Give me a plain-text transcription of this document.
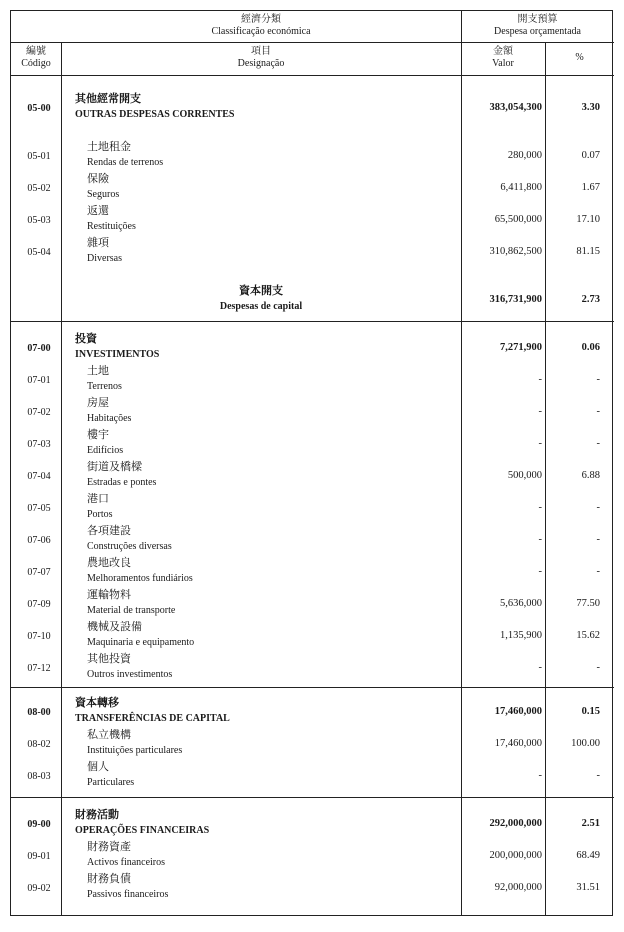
經濟分類
Classificação económica
開支預算
Despesa orçamentada
編號
Código
項目
Designação
金額
Valor
%
05-00
其他經常開支
OUTRAS DESPESAS CORRENTES
383,054,300	3.30
05-01
土地租金
Rendas de terrenos
280,000	0.07
05-02
保險
Seguros
6,411,800	1.67
05-03
返還
Restituições
65,500,000	17.10
05-04
雜項
Diversas
310,862,500	81.15
資本開支
Despesas de capital
316,731,900	2.73
07-00
投資
INVESTIMENTOS
7,271,900	0.06
07-01
土地
Terrenos
-	-
07-02
房屋
Habitações
-	-
07-03
樓宇
Edifícios
-	-
07-04
街道及橋樑
Estradas e pontes
500,000	6.88
07-05
港口
Portos
-	-
07-06
各項建設
Construções diversas
-	-
07-07
農地改良
Melhoramentos fundiários
-	-
07-09
運輸物料
Material de transporte
5,636,000	77.50
07-10
機械及設備
Maquinaria e equipamento
1,135,900	15.62
07-12
其他投資
Outros investimentos
-	-
08-00
資本轉移
TRANSFERÊNCIAS DE CAPITAL
17,460,000	0.15
08-02
私立機構
Instituições particulares
17,460,000	100.00
08-03
個人
Particulares
-	-
09-00
財務活動
OPERAÇÕES FINANCEIRAS
292,000,000	2.51
09-01
財務資產
Activos financeiros
200,000,000	68.49
09-02
財務負債
Passivos financeiros
92,000,000	31.51
